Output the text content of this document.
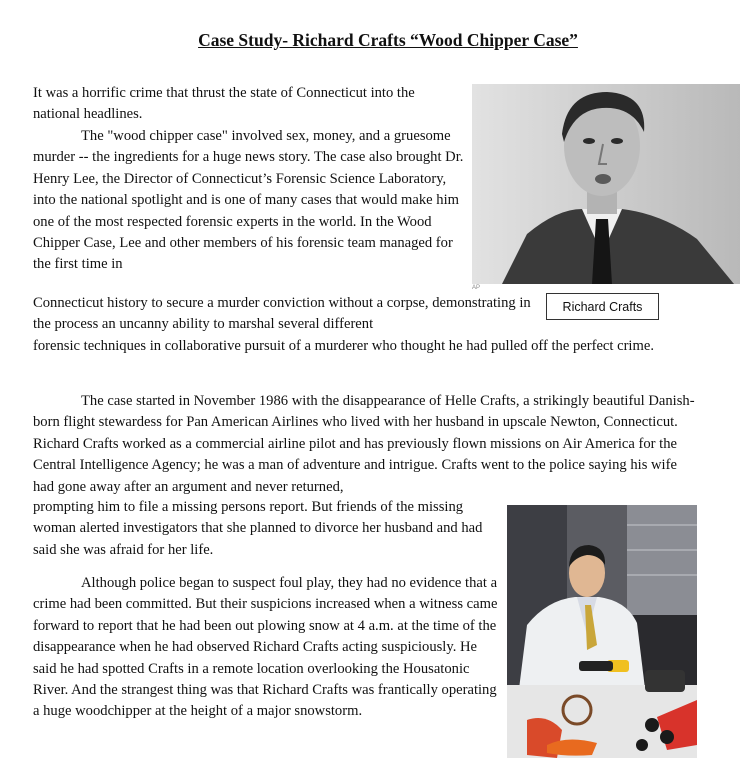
Case Study- Richard Crafts “Wood Chipper Case”

It was a horrific crime that thrust the state of Connecticut into the national headlines.

The "wood chipper case" involved sex, money, and a gruesome murder -- the ingredients for a huge news story. The case also brought Dr. Henry Lee, the Director of Connecticut’s Forensic Science Laboratory, into the national spotlight and is one of many cases that would make him one of the most respected forensic experts in the world. In the Wood Chipper Case, Lee and other members of his forensic team managed for the first time in

Connecticut history to secure a murder conviction without a corpse, demonstrating in the process an uncanny ability to marshal several different

forensic techniques in collaborative pursuit of a murderer who thought he had pulled off the perfect crime.

The case started in November 1986 with the disappearance of Helle Crafts, a strikingly beautiful Danish-born flight stewardess for Pan American Airlines who lived with her husband in upscale Newton, Connecticut. Richard Crafts worked as a commercial airline pilot and has previously flown missions on Air America for the Central Intelligence Agency; he was a man of adventure and intrigue. Crafts went to the police saying his wife had gone away after an argument and never returned,

prompting him to file a missing persons report. But friends of the missing woman alerted investigators that she planned to divorce her husband and had said she was afraid for her life.

Although police began to suspect foul play, they had no evidence that a crime had been committed. But their suspicions increased when a witness came forward to report that he had been out plowing snow at 4 a.m. at the time of the disappearance when he had observed Richard Crafts acting suspiciously. He said he had spotted Crafts in a remote location overlooking the Housatonic River. And the strangest thing was that Richard Crafts was frantically operating a huge woodchipper at the height of a major snowstorm.

AP
Richard Crafts
